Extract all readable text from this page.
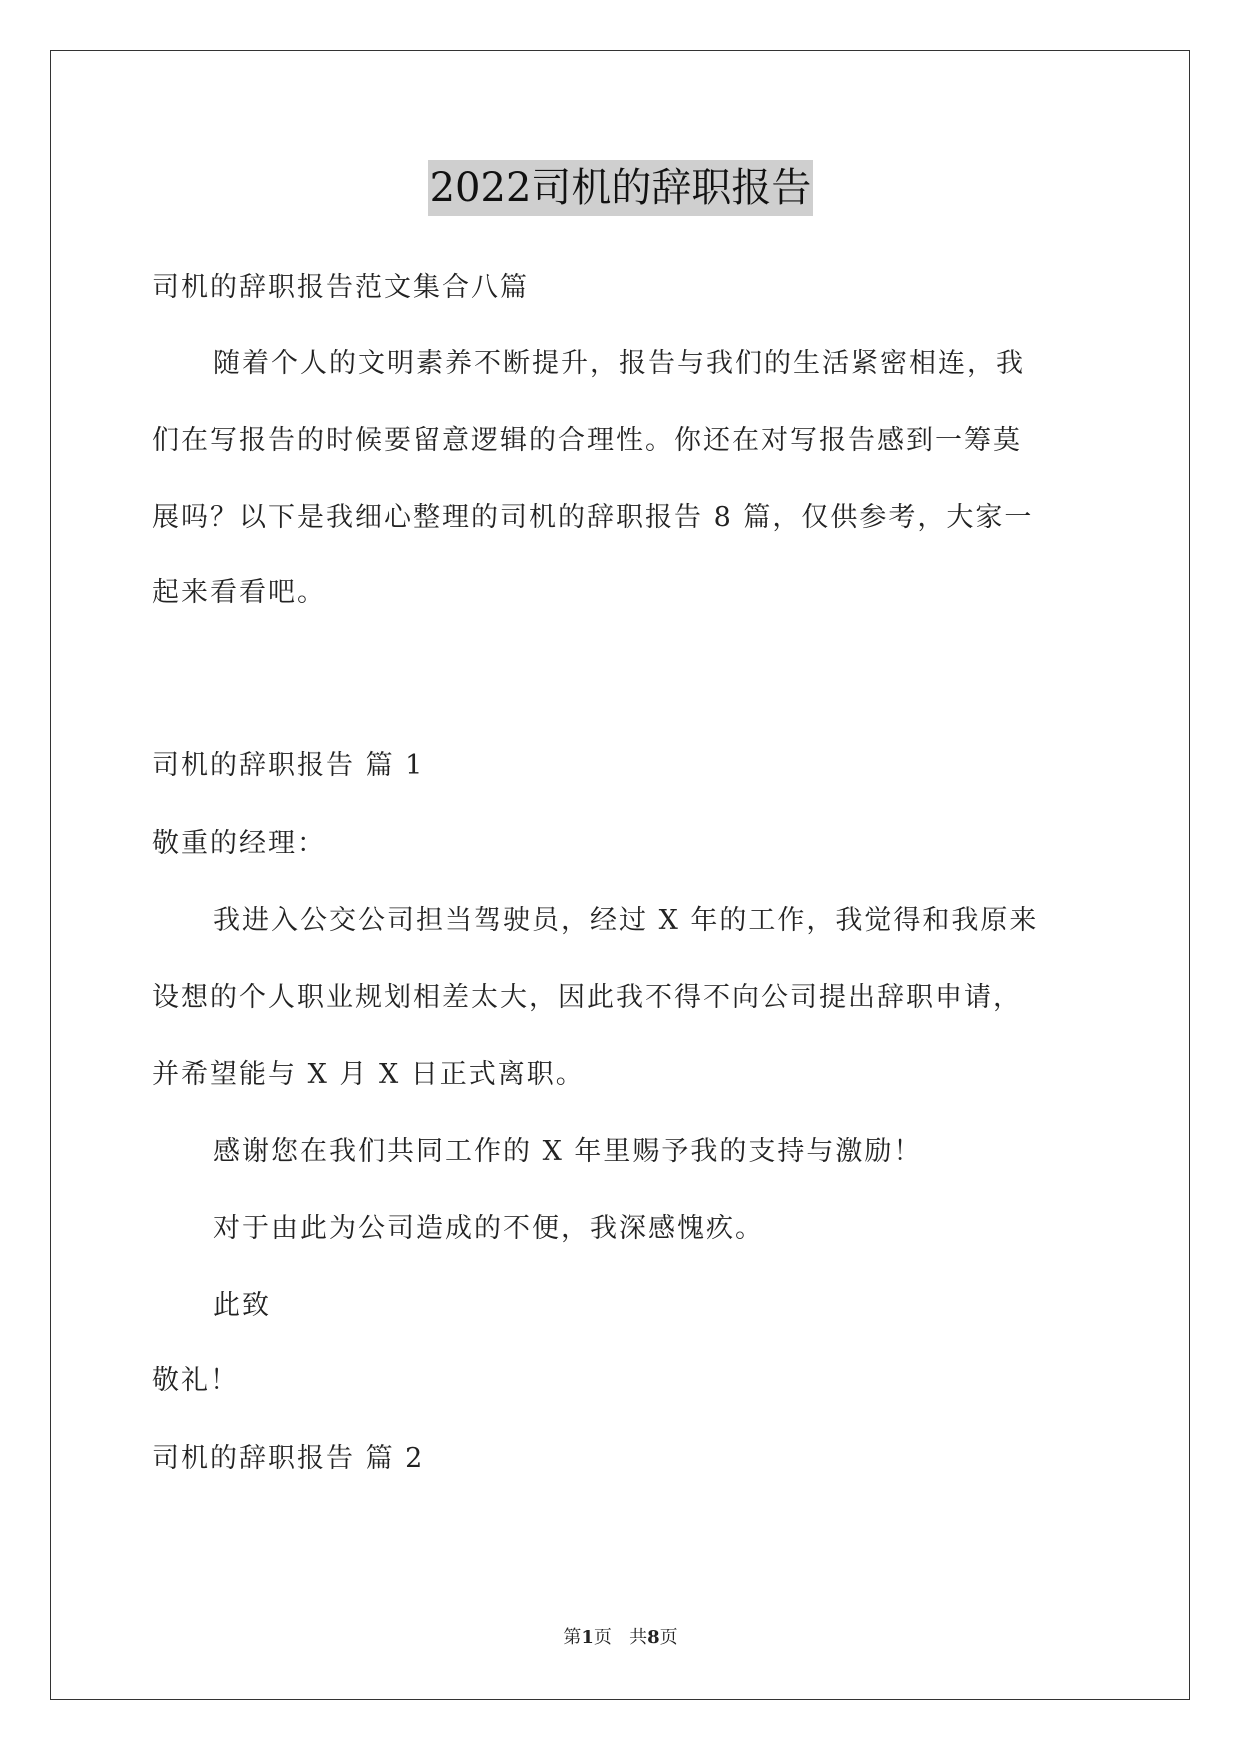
2022司机的辞职报告
司机的辞职报告范文集合八篇
随着个人的文明素养不断提升，报告与我们的生活紧密相连，我
们在写报告的时候要留意逻辑的合理性。你还在对写报告感到一筹莫
展吗？以下是我细心整理的司机的辞职报告 8 篇，仅供参考，大家一
起来看看吧。
司机的辞职报告 篇 1
敬重的经理：
我进入公交公司担当驾驶员，经过 X 年的工作，我觉得和我原来
设想的个人职业规划相差太大，因此我不得不向公司提出辞职申请，
并希望能与 X 月 X 日正式离职。
感谢您在我们共同工作的 X 年里赐予我的支持与激励！
对于由此为公司造成的不便，我深感愧疚。
此致
敬礼！
司机的辞职报告 篇 2
第1页   共8页
